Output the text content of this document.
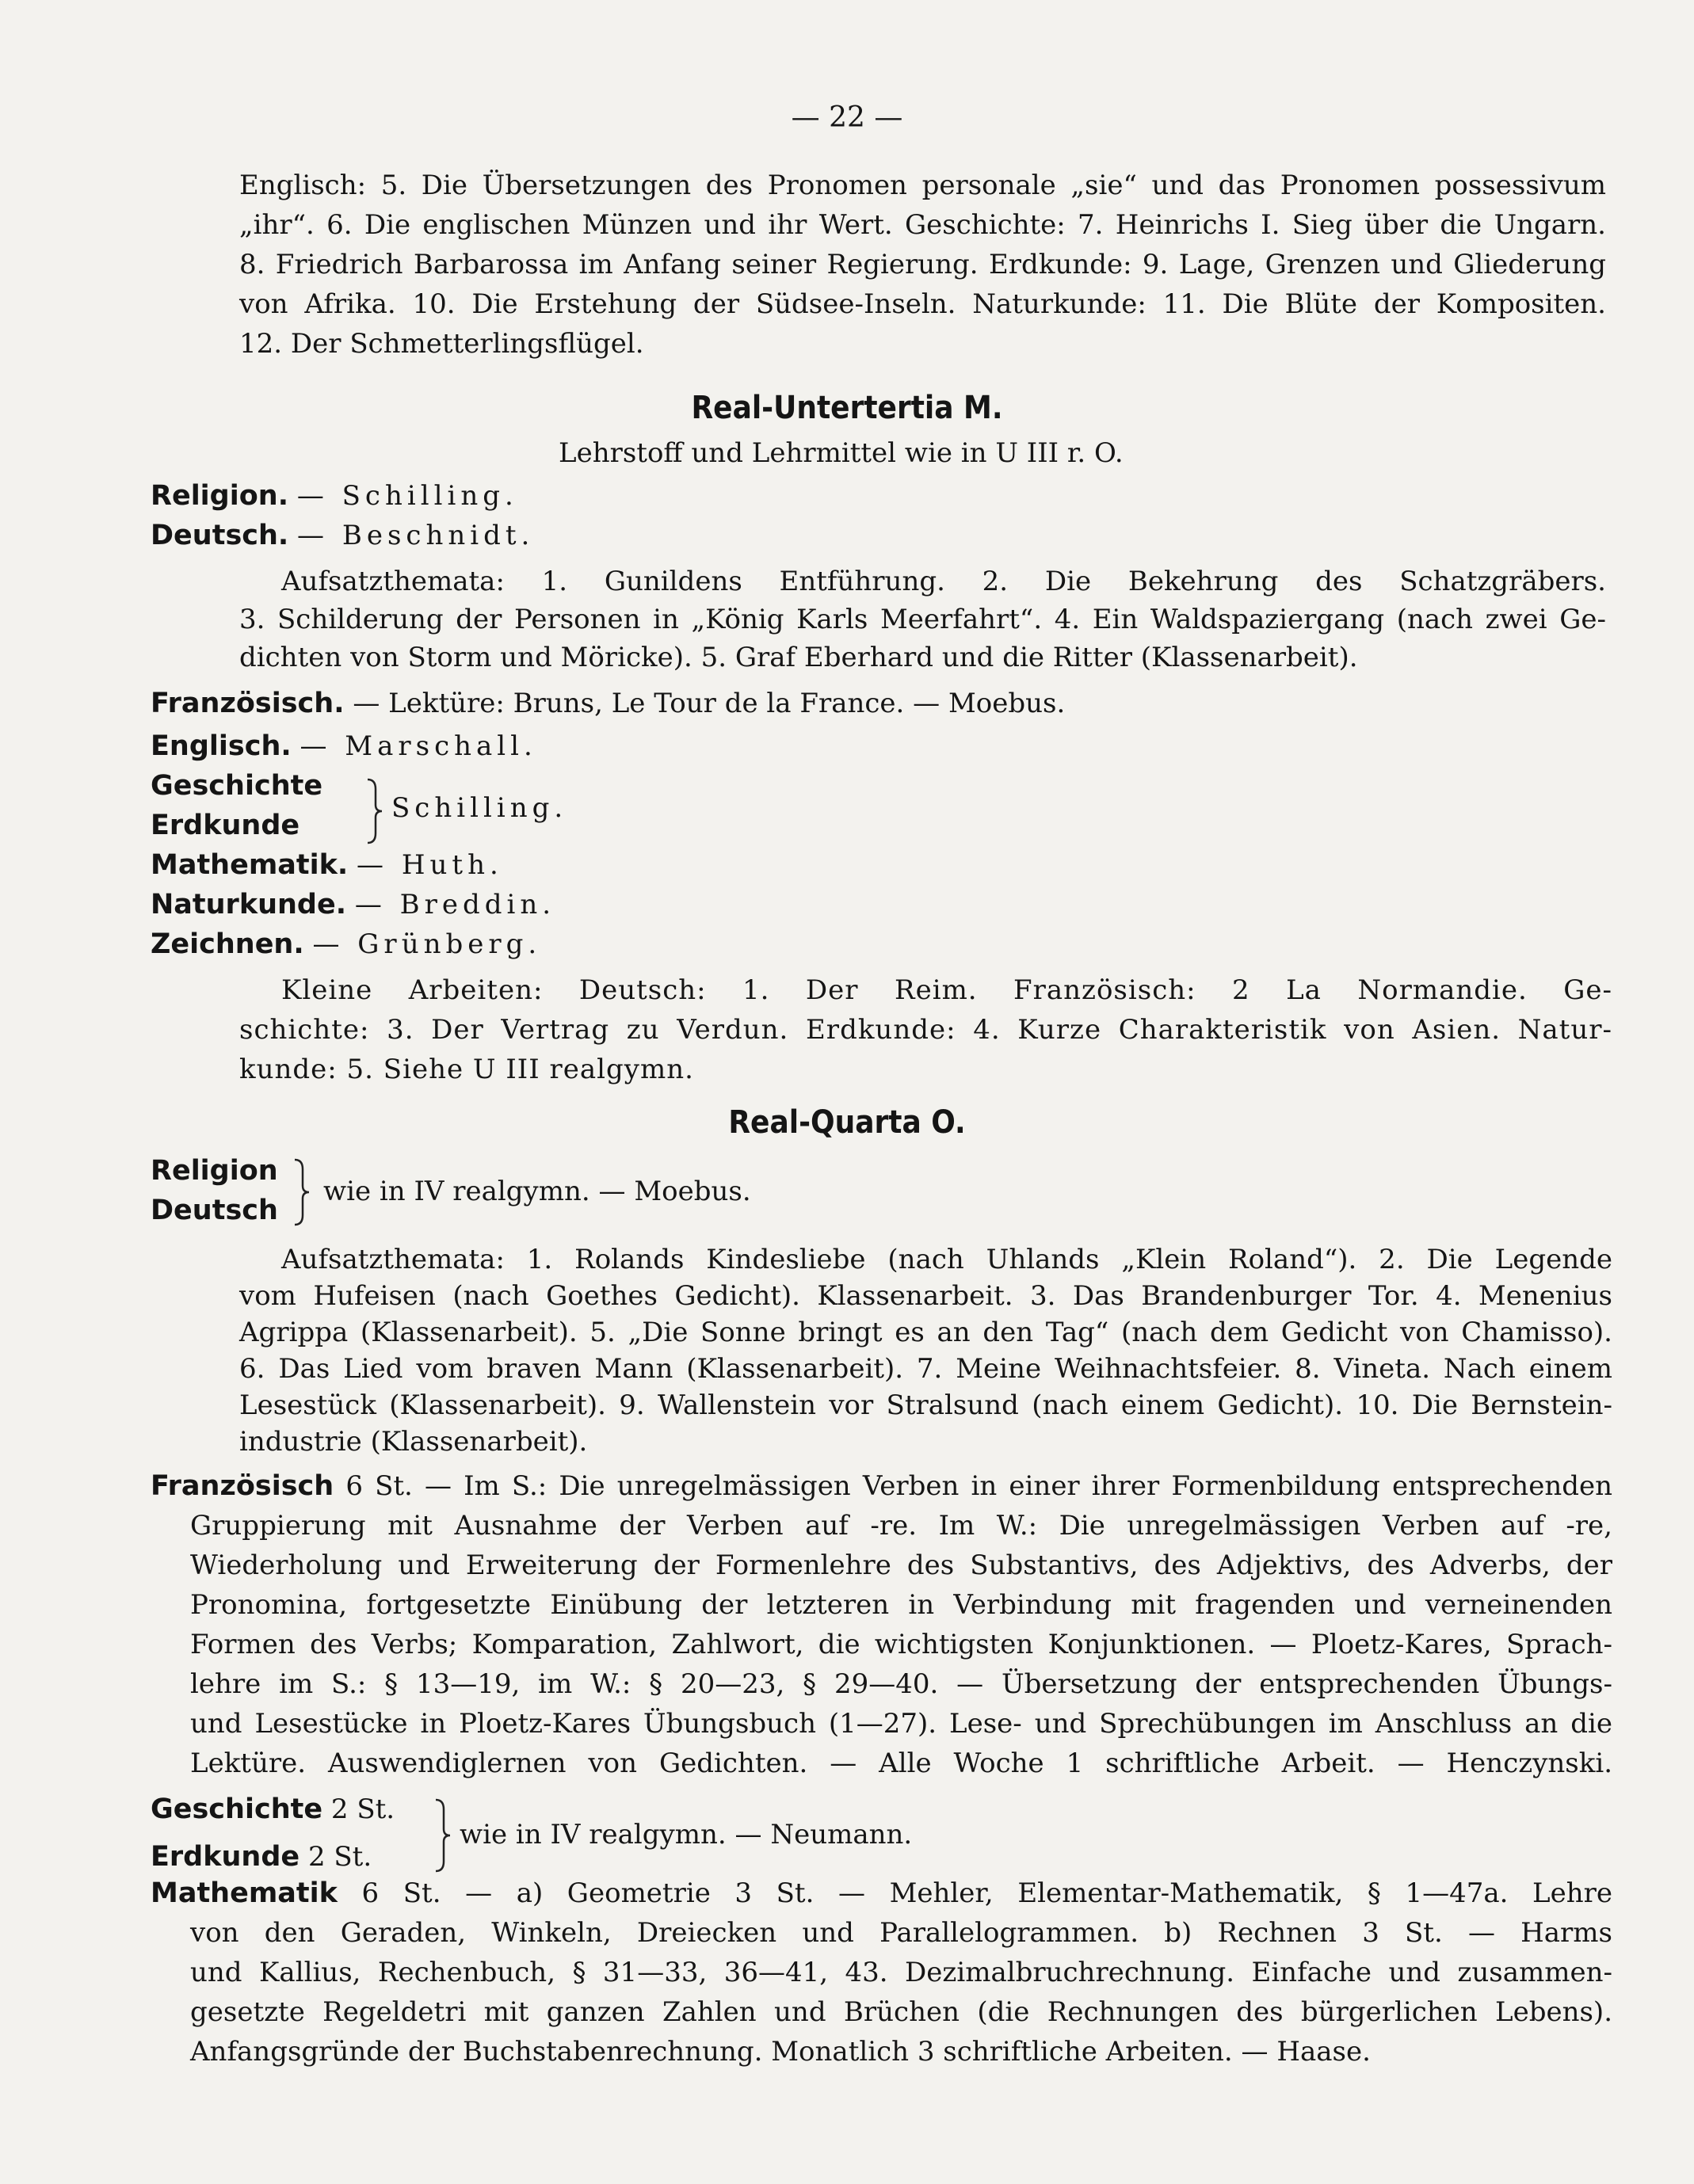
— 22 —
Englisch: 5. Die Übersetzungen des Pronomen personale „sie“ und das Pronomen possessivum
„ihr“. 6. Die englischen Münzen und ihr Wert. Geschichte: 7. Heinrichs I. Sieg über die Ungarn.
8. Friedrich Barbarossa im Anfang seiner Regierung. Erdkunde: 9. Lage, Grenzen und Gliederung
von Afrika. 10. Die Erstehung der Südsee-Inseln. Naturkunde: 11. Die Blüte der Kompositen.
12. Der Schmetterlingsflügel.
Real-Untertertia M.
Lehrstoff und Lehrmittel wie in U III r. O.
Religion. — Schilling.
Deutsch. — Beschnidt.
Aufsatzthemata: 1. Gunildens Entführung. 2. Die Bekehrung des Schatzgräbers.
3. Schilderung der Personen in „König Karls Meerfahrt“. 4. Ein Waldspaziergang (nach zwei Ge-
dichten von Storm und Möricke). 5. Graf Eberhard und die Ritter (Klassenarbeit).
Französisch. — Lektüre: Bruns, Le Tour de la France. — Moebus.
Englisch. — Marschall.
Geschichte
Erdkunde
Schilling.
Mathematik. — Huth.
Naturkunde. — Breddin.
Zeichnen. — Grünberg.
Kleine Arbeiten: Deutsch: 1. Der Reim. Französisch: 2 La Normandie. Ge-
schichte: 3. Der Vertrag zu Verdun. Erdkunde: 4. Kurze Charakteristik von Asien. Natur-
kunde: 5. Siehe U III realgymn.
Real-Quarta O.
Religion
Deutsch
wie in IV realgymn. — Moebus.
Aufsatzthemata: 1. Rolands Kindesliebe (nach Uhlands „Klein Roland“). 2. Die Legende
vom Hufeisen (nach Goethes Gedicht). Klassenarbeit. 3. Das Brandenburger Tor. 4. Menenius
Agrippa (Klassenarbeit). 5. „Die Sonne bringt es an den Tag“ (nach dem Gedicht von Chamisso).
6. Das Lied vom braven Mann (Klassenarbeit). 7. Meine Weihnachtsfeier. 8. Vineta. Nach einem
Lesestück (Klassenarbeit). 9. Wallenstein vor Stralsund (nach einem Gedicht). 10. Die Bernstein-
industrie (Klassenarbeit).
Französisch 6 St. — Im S.: Die unregelmässigen Verben in einer ihrer Formenbildung entsprechenden
Gruppierung mit Ausnahme der Verben auf -re. Im W.: Die unregelmässigen Verben auf -re,
Wiederholung und Erweiterung der Formenlehre des Substantivs, des Adjektivs, des Adverbs, der
Pronomina, fortgesetzte Einübung der letzteren in Verbindung mit fragenden und verneinenden
Formen des Verbs; Komparation, Zahlwort, die wichtigsten Konjunktionen. — Ploetz-Kares, Sprach-
lehre im S.: § 13—19, im W.: § 20—23, § 29—40. — Übersetzung der entsprechenden Übungs-
und Lesestücke in Ploetz-Kares Übungsbuch (1—27). Lese- und Sprechübungen im Anschluss an die
Lektüre. Auswendiglernen von Gedichten. — Alle Woche 1 schriftliche Arbeit. — Henczynski.
Geschichte 2 St.
Erdkunde 2 St.
wie in IV realgymn. — Neumann.
Mathematik 6 St. — a) Geometrie 3 St. — Mehler, Elementar-Mathematik, § 1—47a. Lehre
von den Geraden, Winkeln, Dreiecken und Parallelogrammen. b) Rechnen 3 St. — Harms
und Kallius, Rechenbuch, § 31—33, 36—41, 43. Dezimalbruchrechnung. Einfache und zusammen-
gesetzte Regeldetri mit ganzen Zahlen und Brüchen (die Rechnungen des bürgerlichen Lebens).
Anfangsgründe der Buchstabenrechnung. Monatlich 3 schriftliche Arbeiten. — Haase.
